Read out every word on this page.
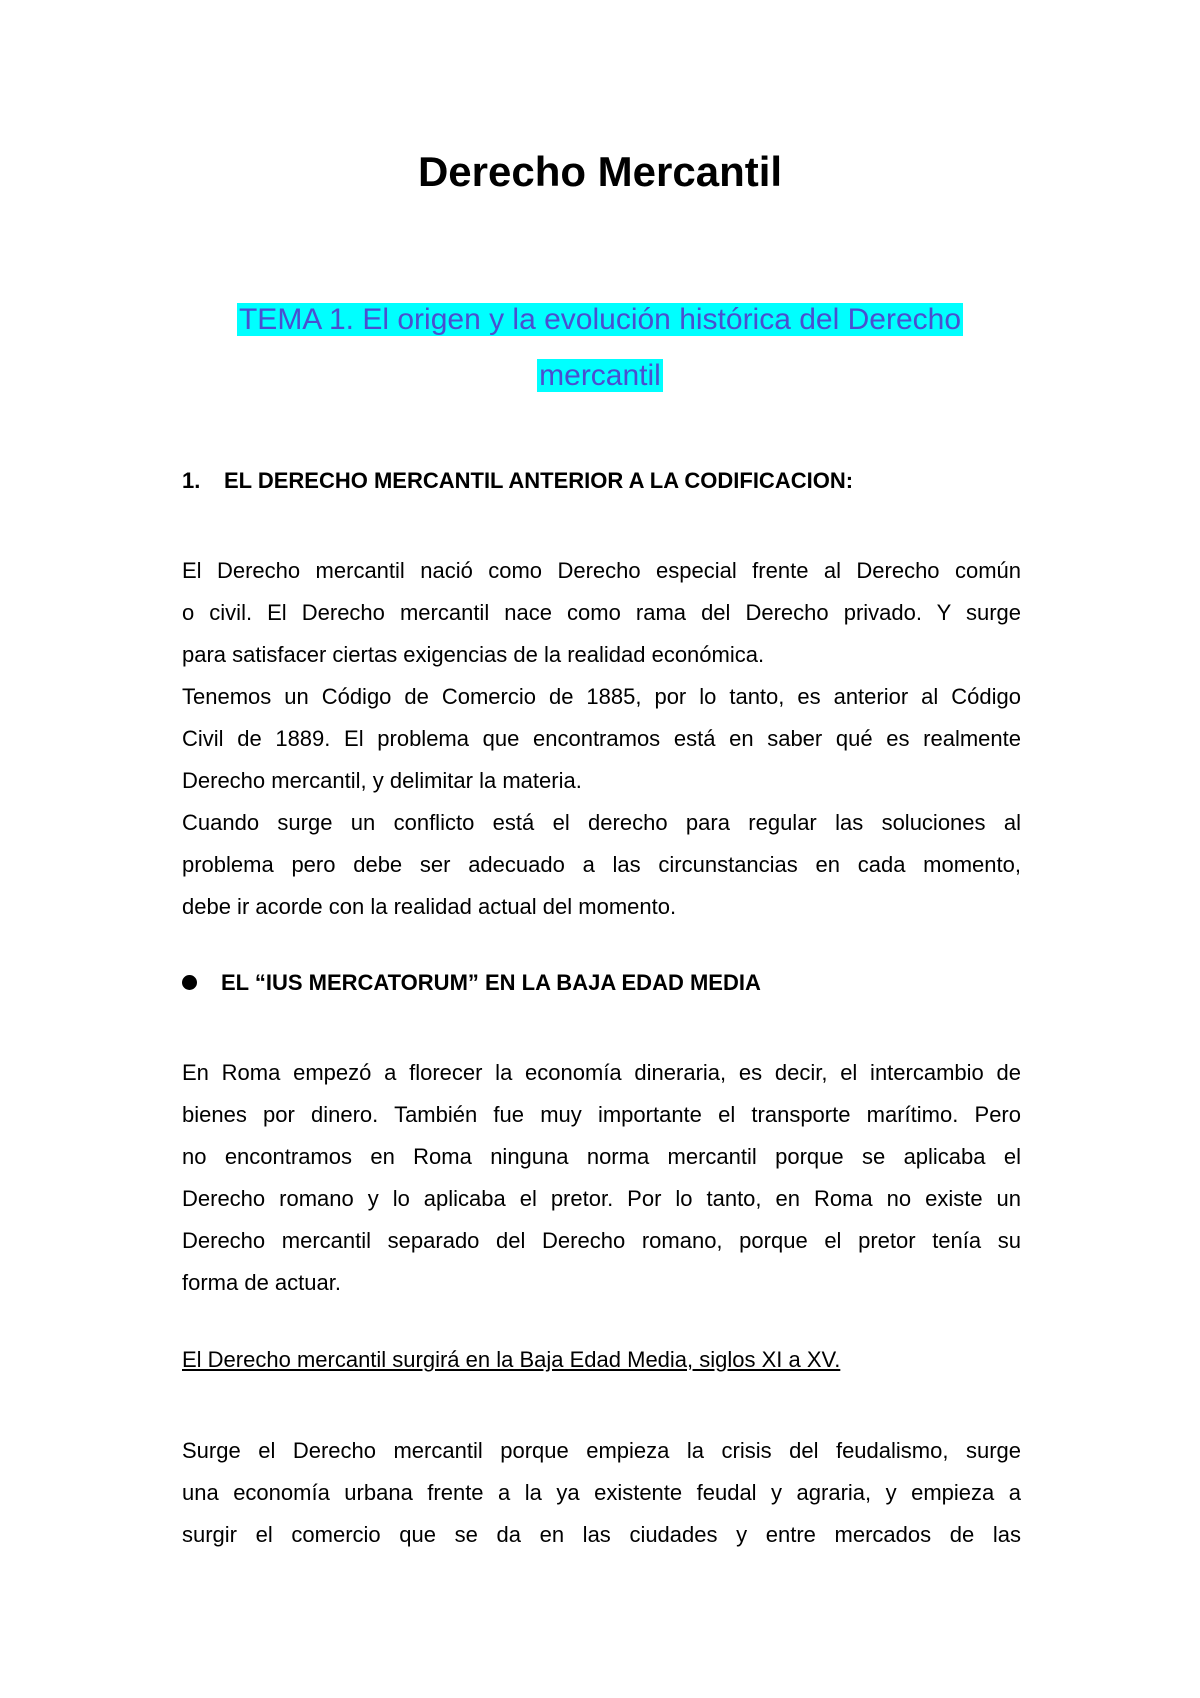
Derecho Mercantil
TEMA 1. El origen y la evolución histórica del Derecho
mercantil
1. EL DERECHO MERCANTIL ANTERIOR A LA CODIFICACION:
El Derecho mercantil nació como Derecho especial frente al Derecho común
o civil. El Derecho mercantil nace como rama del Derecho privado. Y surge
para satisfacer ciertas exigencias de la realidad económica.
Tenemos un Código de Comercio de 1885, por lo tanto, es anterior al Código
Civil de 1889. El problema que encontramos está en saber qué es realmente
Derecho mercantil, y delimitar la materia.
Cuando surge un conflicto está el derecho para regular las soluciones al
problema pero debe ser adecuado a las circunstancias en cada momento,
debe ir acorde con la realidad actual del momento.
EL “IUS MERCATORUM” EN LA BAJA EDAD MEDIA
En Roma empezó a florecer la economía dineraria, es decir, el intercambio de
bienes por dinero. También fue muy importante el transporte marítimo. Pero
no encontramos en Roma ninguna norma mercantil porque se aplicaba el
Derecho romano y lo aplicaba el pretor. Por lo tanto, en Roma no existe un
Derecho mercantil separado del Derecho romano, porque el pretor tenía su
forma de actuar.
El Derecho mercantil surgirá en la Baja Edad Media, siglos XI a XV.
Surge el Derecho mercantil porque empieza la crisis del feudalismo, surge
una economía urbana frente a la ya existente feudal y agraria, y empieza a
surgir el comercio que se da en las ciudades y entre mercados de las
